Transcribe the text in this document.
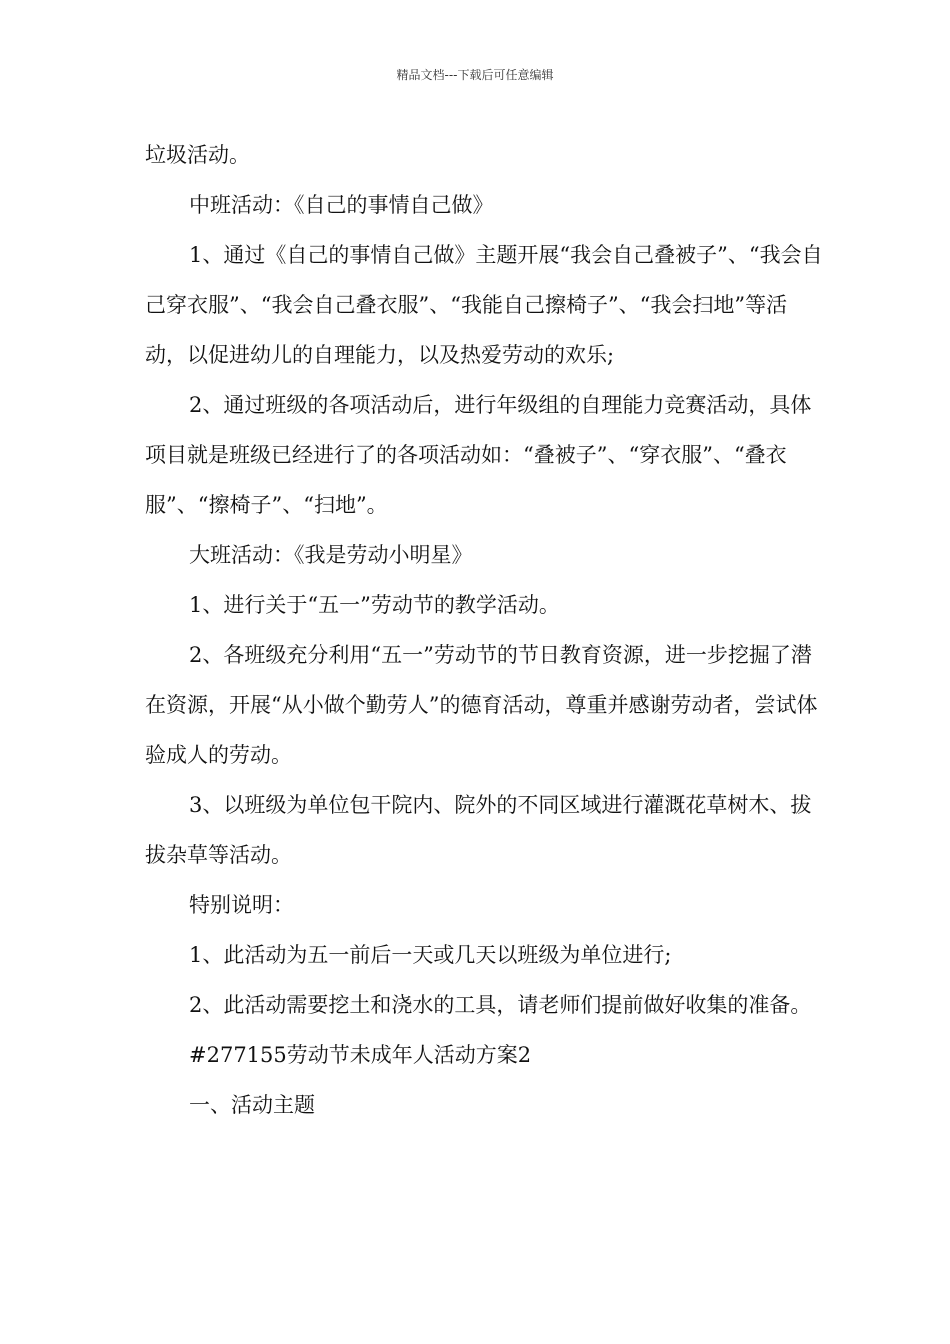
精品文档---下载后可任意编辑

垃圾活动。

中班活动：《自己的事情自己做》

1、通过《自己的事情自己做》主题开展“我会自己叠被子”、“我会自己穿衣服”、“我会自己叠衣服”、“我能自己擦椅子”、“我会扫地”等活动，以促进幼儿的自理能力，以及热爱劳动的欢乐;

2、通过班级的各项活动后，进行年级组的自理能力竞赛活动，具体项目就是班级已经进行了的各项活动如：“叠被子”、“穿衣服”、“叠衣服”、“擦椅子”、“扫地”。

大班活动：《我是劳动小明星》

1、进行关于“五一”劳动节的教学活动。

2、各班级充分利用“五一”劳动节的节日教育资源，进一步挖掘了潜在资源，开展“从小做个勤劳人”的德育活动，尊重并感谢劳动者，尝试体验成人的劳动。

3、以班级为单位包干院内、院外的不同区域进行灌溉花草树木、拔拔杂草等活动。

特别说明：

1、此活动为五一前后一天或几天以班级为单位进行;

2、此活动需要挖土和浇水的工具，请老师们提前做好收集的准备。

#277155劳动节未成年人活动方案2

一、活动主题
